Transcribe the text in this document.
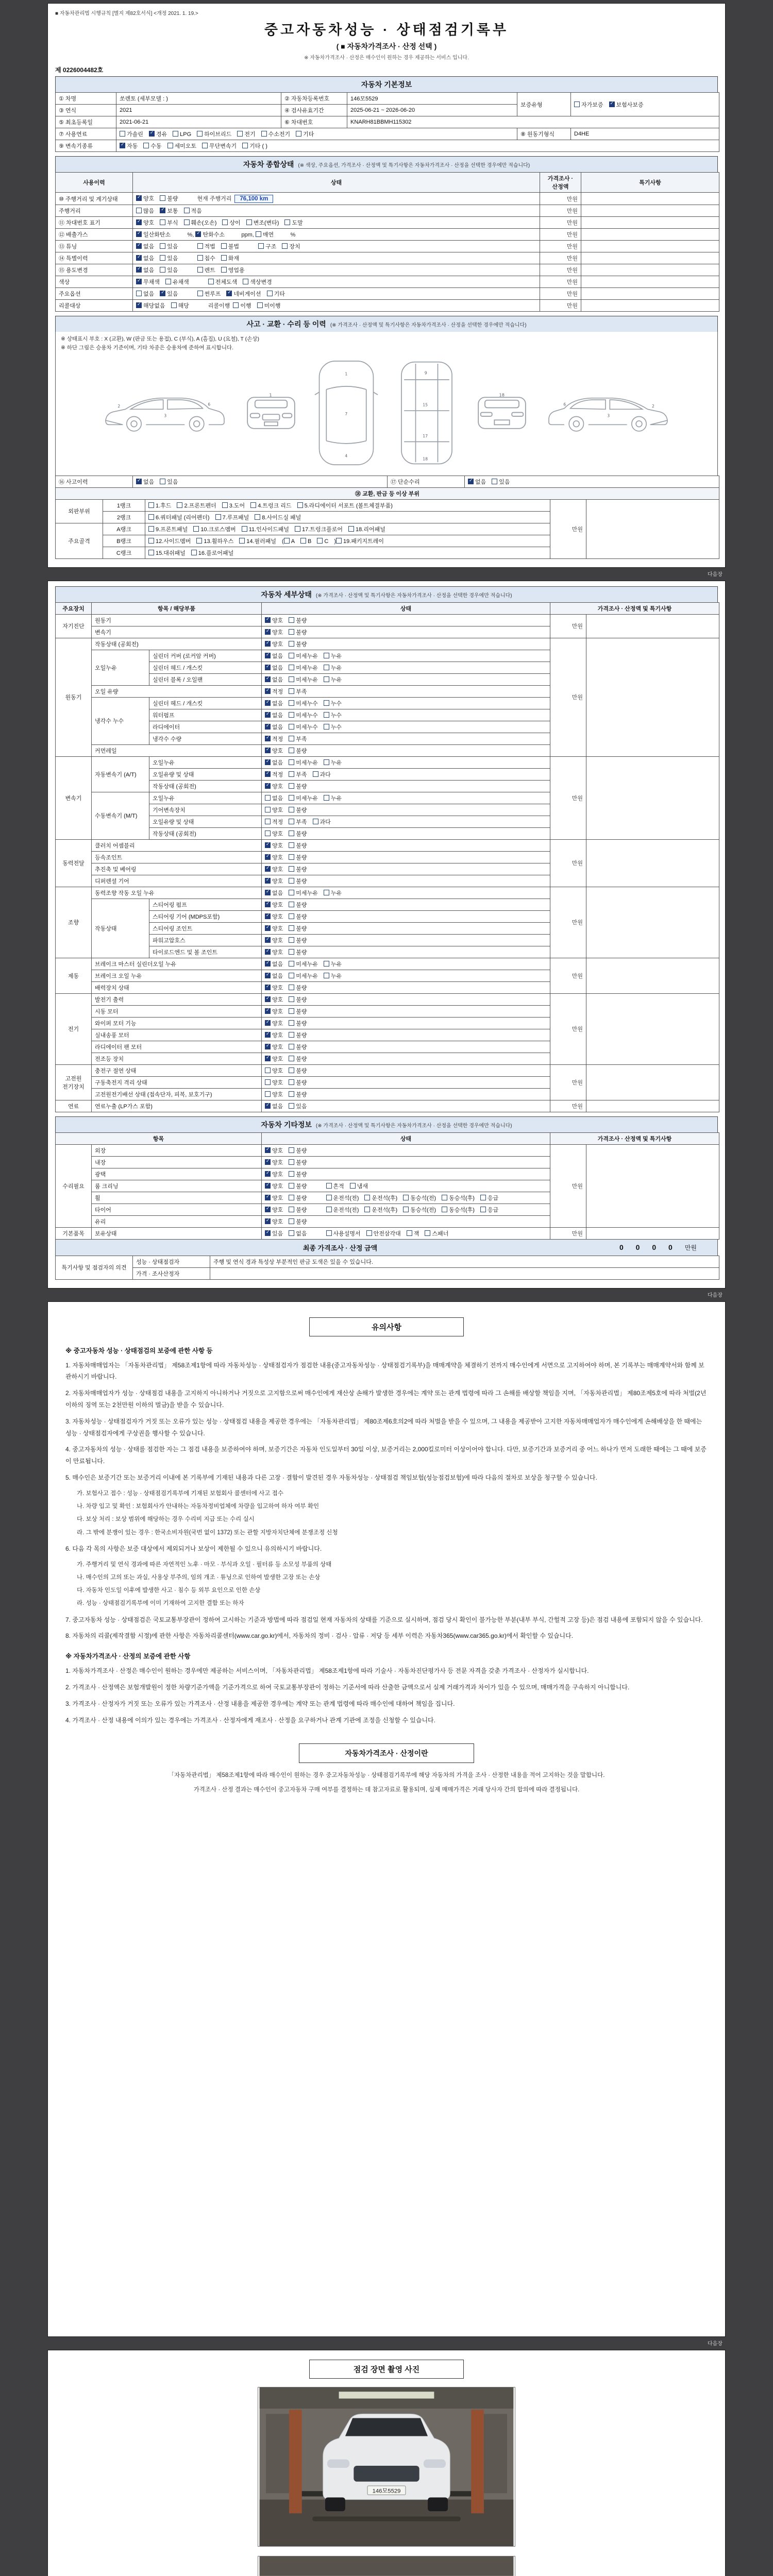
■ 자동차관리법 시행규칙 [별지 제82호서식] <개정 2021. 1. 19.>
중고자동차성능 · 상태점검기록부
( ■ 자동차가격조사 · 산정 선택 )
※ 자동차가격조사 · 산정은 매수인이 원하는 경우 제공하는 서비스 입니다.
제 0226004482호
자동차 기본정보
① 차명	쏘렌토 (세부모델 : )	② 자동차등록번호	146모5529	보증유형	자가보증 ✓ 보험사보증
③ 연식	2021	④ 검사유효기간	2025-06-21 ~ 2026-06-20		
⑤ 최초등록일	2021-06-21	⑥ 차대번호	KNARH81BBMH115302		
⑦ 사용연료	가솔린 ✓ 경유 LPG 하이브리드 전기 수소전기 기타			⑧ 원동기형식	D4HE
⑨ 변속기종류	✓자동 수동 세미오토 무단변속기 기타 ( )
자동차 종합상태 (※ 색상, 주요옵션, 가격조사 · 산정액 및 특기사항은 자동차가격조사 · 산정을 선택한 경우에만 적습니다)
사용이력	상태	가격조사 · 산정액	특기사항
⑩ 주행거리 및 계기상태	✓양호 불량 현재 주행거리 76,100 km	만원	
주행거리	많음 ✓ 보통 적음	만원	
⑪ 차대번호 표기	✓양호 부식 훼손(오손) 상이 변조(변타) 도말	만원	
⑫ 배출가스	✓일산화탄소       %, ✓탄화수소       ppm, 매연       %	만원	
⑬ 튜닝	✓없음 있음 적법 불법 구조 장치	만원	
⑭ 특별이력	✓없음 있음 침수 화재	만원	
⑮ 용도변경	✓없음 있음 렌트 영업용	만원	
색상	✓무채색 유채색 전체도색 색상변경	만원	
주요옵션	없음 ✓ 있음 썬루프 ✓ 네비게이션 기타	만원	
리콜대상	✓해당없음 해당 리콜이행  이행 미이행	만원	
사고 · 교환 · 수리 등 이력 (※ 가격조사 · 산정액 및 특기사항은 자동차가격조사 · 산정을 선택한 경우에만 적습니다)
※ 상태표시 부호 : X (교환), W (판금 또는 용접), C (부식), A (흠집), U (요철), T (손상)
※ 하단 그림은 승용차 기준이며, 기타 차종은 승용차에 준하여 표시합니다.
2
3
6
1
1
7
4
9
15
17
18
18
6
3
2
⑯ 사고이력	✓없음 있음	⑰ 단순수리	✓없음 있음
⑱ 교환, 판금 등 이상 부위				
외판부위	1랭크	1.후드 2.프론트펜더 3.도어 4.트렁크 리드 5.라디에이터 서포트 (볼트체결부품)	만원	
	2랭크	6.쿼터패널 (리어펜더) 7.루프패널 8.사이드실 패널		
주요골격	A랭크	9.프론트패널 10.크로스멤버 11.인사이드패널 17.트렁크플로어 18.리어패널		
	B랭크	12.사이드멤버 13.휠하우스 14.필러패널 ( A B C ) 19.패키지트레이		
	C랭크	15.대쉬패널 16.플로어패널		
다음장
자동차 세부상태 (※ 가격조사 · 산정액 및 특기사항은 자동차가격조사 · 산정을 선택한 경우에만 적습니다)
주요장치	항목 / 해당부품		상태	가격조사 · 산정액 및 특기사항	
자기진단	원동기	✓양호 불량	만원	
	변속기	✓양호 불량
원동기	작동상태 (공회전)	✓양호 불량	만원	
	오일누유	실린더 커버 (로커암 커버)	✓없음 미세누유 누유
		실린더 헤드 / 개스킷	✓없음 미세누유 누유
		실린더 블록 / 오일팬	✓없음 미세누유 누유
	오일 유량	✓적정 부족
	냉각수 누수	실린더 헤드 / 개스킷	✓없음 미세누수 누수
		워터펌프	✓없음 미세누수 누수
		라디에이터	✓없음 미세누수 누수
		냉각수 수량	✓적정 부족
	커먼레일	✓양호 불량
변속기	자동변속기 (A/T)	오일누유	✓없음 미세누유 누유	만원	
		오일유량 및 상태	✓적정 부족 과다
		작동상태 (공회전)	✓양호 불량
	수동변속기 (M/T)	오일누유	없음 미세누유 누유		
		기어변속장치	양호 불량		
		오일유량 및 상태	적정 부족 과다		
		작동상태 (공회전)	양호 불량		
동력전달	클러치 어셈블리	✓양호 불량	만원	
	등속조인트	✓양호 불량
	추진축 및 베어링	✓양호 불량
	디퍼렌셜 기어	✓양호 불량
조향	동력조향 작동 오일 누유	✓없음 미세누유 누유	만원	
	작동상태	스티어링 펌프	✓양호 불량
		스티어링 기어 (MDPS포함)	✓양호 불량
		스티어링 조인트	✓양호 불량
		파워고압호스	✓양호 불량
		타이로드엔드 및 볼 조인트	✓양호 불량
제동	브레이크 마스터 실린더오일 누유	✓없음 미세누유 누유	만원	
	브레이크 오일 누유	✓없음 미세누유 누유
	배력장치 상태	✓양호 불량
전기	발전기 출력	✓양호 불량	만원	
	시동 모터	✓양호 불량
	와이퍼 모터 기능	✓양호 불량
	실내송풍 모터	✓양호 불량
	라디에이터 팬 모터	✓양호 불량
	전조등 장치	✓양호 불량
고전원 전기장치	충전구 절연 상태		양호 불량	만원	
	구동축전지 격리 상태		양호 불량		
	고전원전기배선 상태 (접속단자, 피복, 보호기구)		양호 불량		
연료	연료누출 (LP가스 포함)	✓없음 있음	만원	
자동차 기타정보 (※ 가격조사 · 산정액 및 특기사항은 자동차가격조사 · 산정을 선택한 경우에만 적습니다)
항목		상태	가격조사 · 산정액 및 특기사항	
수리필요	외장	✓양호 불량	만원	
	내장	✓양호 불량
	광택	✓양호 불량
	룸 크리닝	✓양호 불량 흔적 냄새
	휠	✓양호 불량 운전석(전) 운전석(후) 동승석(전) 동승석(후) 응급
	타이어	✓양호 불량 운전석(전) 운전석(후) 동승석(전) 동승석(후) 응급
	유리	✓양호 불량
기본품목	보유상태	✓있음 없음 사용설명서 안전삼각대 잭 스패너	만원	
최종 가격조사 · 산정 금액	0 0 0 0 만원
특기사항 및 점검자의 의견	성능 · 상태점검자	주행 및 연식 경과 특성상 부분적인 판금 도색은 있을 수 있습니다.
	가격 · 조사산정자	
다음장
유의사항
※ 중고자동차 성능 · 상태점검의 보증에 관한 사항 등
1. 자동차매매업자는 「자동차관리법」 제58조제1항에 따라 자동차성능 · 상태점검자가 점검한 내용(중고자동차성능 · 상태점검기록부)을 매매계약을 체결하기 전까지 매수인에게 서면으로 고지하여야 하며, 본 기록부는 매매계약서와 함께 보관하시기 바랍니다.
2. 자동차매매업자가 성능 · 상태점검 내용을 고지하지 아니하거나 거짓으로 고지함으로써 매수인에게 재산상 손해가 발생한 경우에는 계약 또는 관계 법령에 따라 그 손해를 배상할 책임을 지며, 「자동차관리법」 제80조제5호에 따라 처벌(2년 이하의 징역 또는 2천만원 이하의 벌금)을 받을 수 있습니다.
3. 자동차성능 · 상태점검자가 거짓 또는 오류가 있는 성능 · 상태점검 내용을 제공한 경우에는 「자동차관리법」 제80조제6호의2에 따라 처벌을 받을 수 있으며, 그 내용을 제공받아 고지한 자동차매매업자가 매수인에게 손해배상을 한 때에는 성능 · 상태점검자에게 구상권을 행사할 수 있습니다.
4. 중고자동차의 성능 · 상태를 점검한 자는 그 점검 내용을 보증하여야 하며, 보증기간은 자동차 인도일부터 30일 이상, 보증거리는 2,000킬로미터 이상이어야 합니다. 다만, 보증기간과 보증거리 중 어느 하나가 먼저 도래한 때에는 그 때에 보증이 만료됩니다.
5. 매수인은 보증기간 또는 보증거리 이내에 본 기록부에 기재된 내용과 다른 고장 · 결함이 발견된 경우 자동차성능 · 상태점검 책임보험(성능점검보험)에 따라 다음의 절차로 보상을 청구할 수 있습니다.
가. 보험사고 접수 : 성능 · 상태점검기록부에 기재된 보험회사 콜센터에 사고 접수
나. 차량 입고 및 확인 : 보험회사가 안내하는 자동차정비업체에 차량을 입고하여 하자 여부 확인
다. 보상 처리 : 보상 범위에 해당하는 경우 수리비 지급 또는 수리 실시
라. 그 밖에 분쟁이 있는 경우 : 한국소비자원(국번 없이 1372) 또는 관할 지방자치단체에 분쟁조정 신청
6. 다음 각 목의 사항은 보증 대상에서 제외되거나 보상이 제한될 수 있으니 유의하시기 바랍니다.
가. 주행거리 및 연식 경과에 따른 자연적인 노후 · 마모 · 부식과 오일 · 필터류 등 소모성 부품의 상태
나. 매수인의 고의 또는 과실, 사용상 부주의, 임의 개조 · 튜닝으로 인하여 발생한 고장 또는 손상
다. 자동차 인도일 이후에 발생한 사고 · 침수 등 외부 요인으로 인한 손상
라. 성능 · 상태점검기록부에 이미 기재하여 고지한 결함 또는 하자
7. 중고자동차 성능 · 상태점검은 국토교통부장관이 정하여 고시하는 기준과 방법에 따라 점검일 현재 자동차의 상태를 기준으로 실시하며, 점검 당시 확인이 불가능한 부분(내부 부식, 간헐적 고장 등)은 점검 내용에 포함되지 않을 수 있습니다.
8. 자동차의 리콜(제작결함 시정)에 관한 사항은 자동차리콜센터(www.car.go.kr)에서, 자동차의 정비 · 검사 · 압류 · 저당 등 세부 이력은 자동차365(www.car365.go.kr)에서 확인할 수 있습니다.
※ 자동차가격조사 · 산정의 보증에 관한 사항
1. 자동차가격조사 · 산정은 매수인이 원하는 경우에만 제공하는 서비스이며, 「자동차관리법」 제58조제1항에 따라 기술사 · 자동차진단평가사 등 전문 자격을 갖춘 가격조사 · 산정자가 실시합니다.
2. 가격조사 · 산정액은 보험개발원이 정한 차량기준가액을 기준가격으로 하여 국토교통부장관이 정하는 기준서에 따라 산출한 금액으로서 실제 거래가격과 차이가 있을 수 있으며, 매매가격을 구속하지 아니합니다.
3. 가격조사 · 산정자가 거짓 또는 오류가 있는 가격조사 · 산정 내용을 제공한 경우에는 계약 또는 관계 법령에 따라 매수인에 대하여 책임을 집니다.
4. 가격조사 · 산정 내용에 이의가 있는 경우에는 가격조사 · 산정자에게 재조사 · 산정을 요구하거나 관계 기관에 조정을 신청할 수 있습니다.
자동차가격조사 · 산정이란
「자동차관리법」 제58조제1항에 따라 매수인이 원하는 경우 중고자동차성능 · 상태점검기록부에 해당 자동차의 가격을 조사 · 산정한 내용을 적어 고지하는 것을 말합니다.
가격조사 · 산정 결과는 매수인이 중고자동차 구매 여부를 결정하는 데 참고자료로 활용되며, 실제 매매가격은 거래 당사자 간의 합의에 따라 결정됩니다.
다음장
점검 장면 촬영 사진
146모5529
